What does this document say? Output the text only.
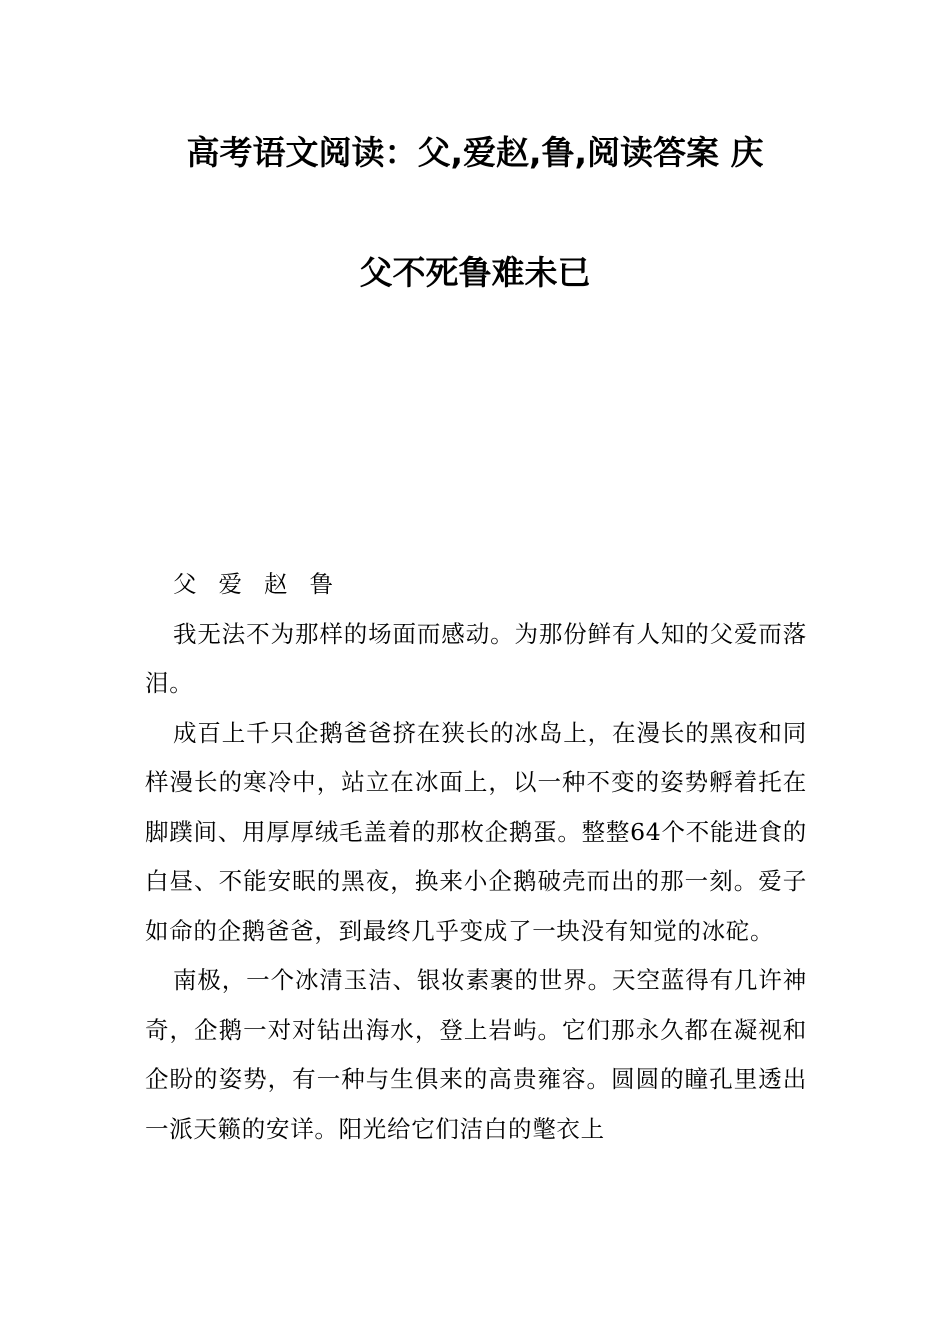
高考语文阅读：父,爱赵,鲁,阅读答案 庆
父不死鲁难未已

父爱赵鲁

我无法不为那样的场面而感动。为那份鲜有人知的父爱而落泪。

成百上千只企鹅爸爸挤在狭长的冰岛上，在漫长的黑夜和同样漫长的寒冷中，站立在冰面上，以一种不变的姿势孵着托在脚蹼间、用厚厚绒毛盖着的那枚企鹅蛋。整整64个不能进食的白昼、不能安眠的黑夜，换来小企鹅破壳而出的那一刻。爱子如命的企鹅爸爸，到最终几乎变成了一块没有知觉的冰砣。

南极，一个冰清玉洁、银妆素裹的世界。天空蓝得有几许神奇，企鹅一对对钻出海水，登上岩屿。它们那永久都在凝视和企盼的姿势，有一种与生俱来的高贵雍容。圆圆的瞳孔里透出一派天籁的安详。阳光给它们洁白的氅衣上
